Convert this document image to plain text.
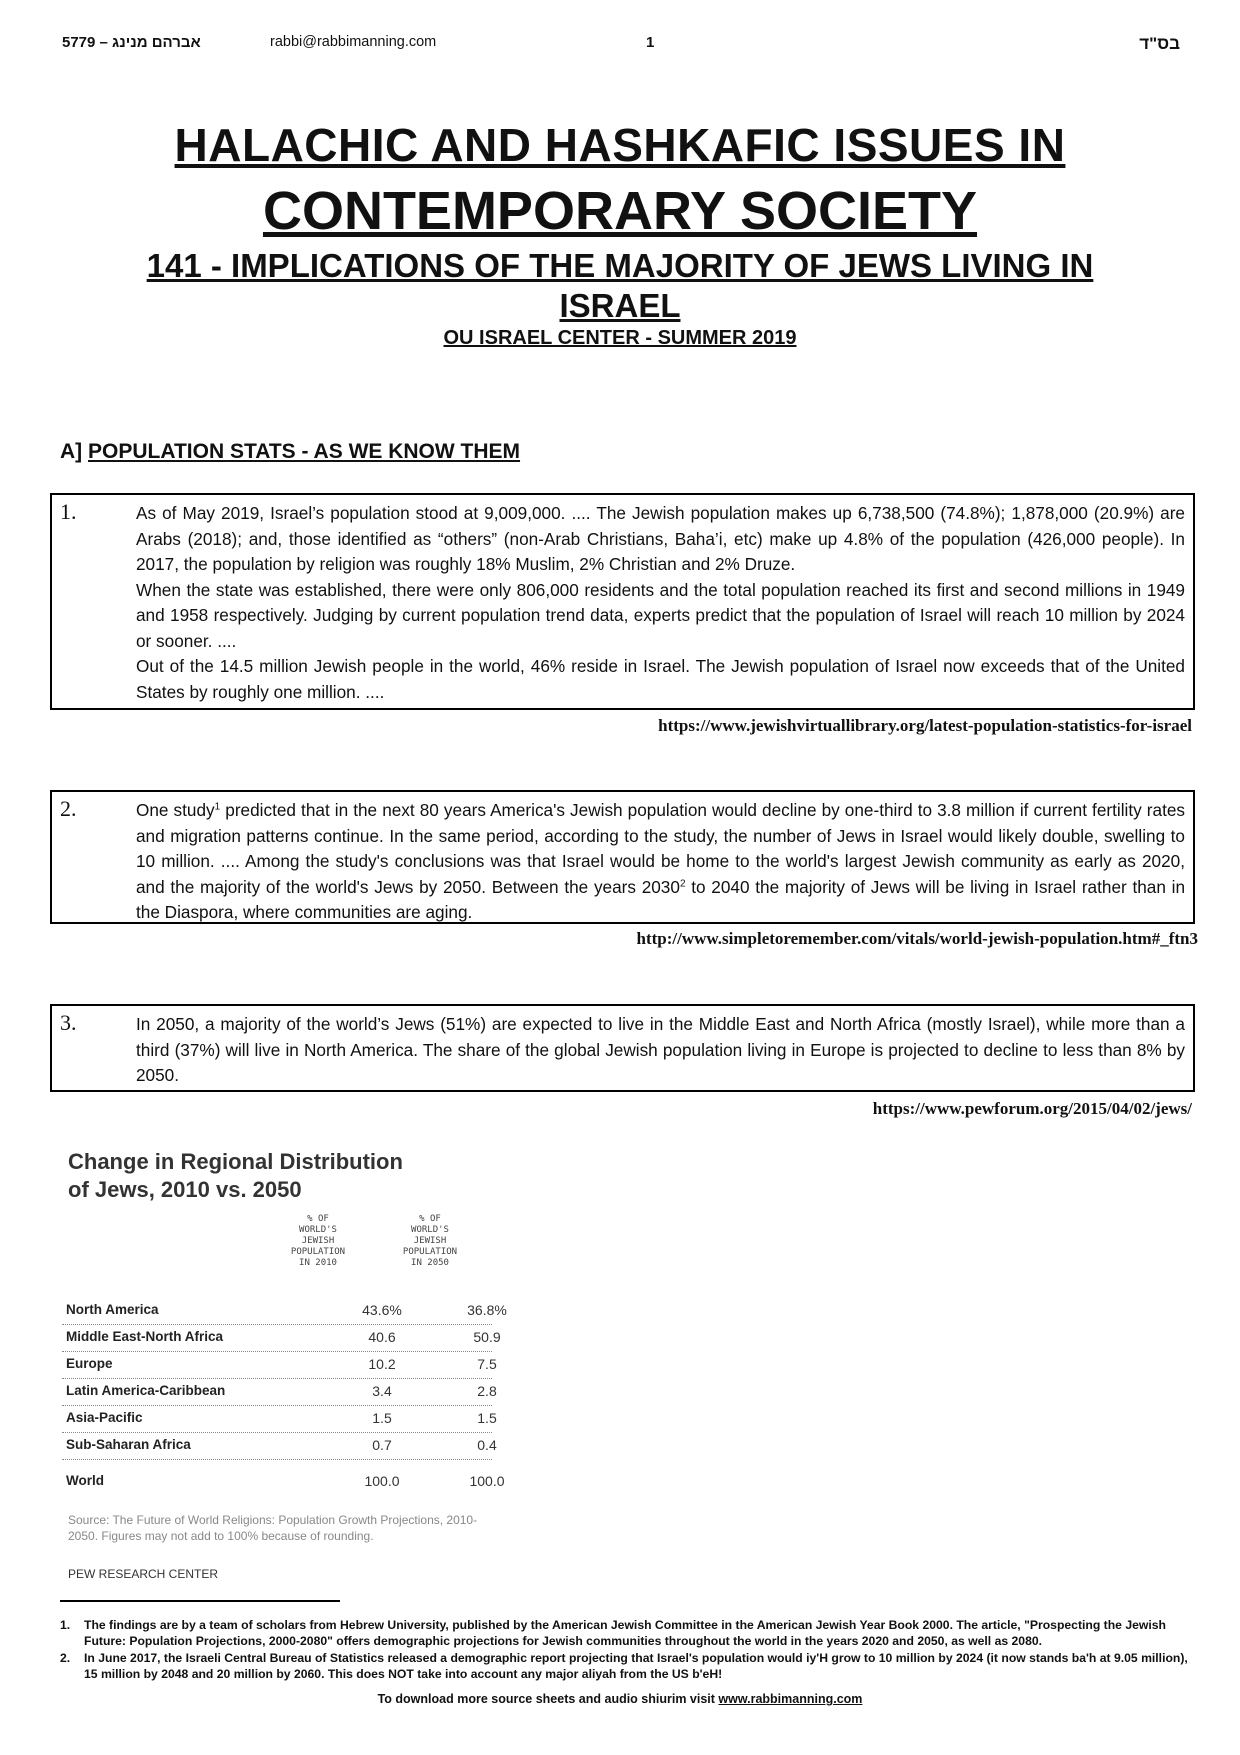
5779 – אברהם מנינג	rabbi@rabbimanning.com	1	בס"ד
HALACHIC AND HASHKAFIC ISSUES IN
CONTEMPORARY SOCIETY
141 - IMPLICATIONS OF THE MAJORITY OF JEWS LIVING IN ISRAEL
OU ISRAEL CENTER - SUMMER 2019
A] POPULATION STATS - AS WE KNOW THEM
1.	As of May 2019, Israel’s population stood at 9,009,000. .... The Jewish population makes up 6,738,500 (74.8%); 1,878,000 (20.9%) are Arabs (2018); and, those identified as “others” (non-Arab Christians, Baha’i, etc) make up 4.8% of the population (426,000 people). In 2017, the population by religion was roughly 18% Muslim, 2% Christian and 2% Druze.

When the state was established, there were only 806,000 residents and the total population reached its first and second millions in 1949 and 1958 respectively. Judging by current population trend data, experts predict that the population of Israel will reach 10 million by 2024 or sooner. ....

Out of the 14.5 million Jewish people in the world, 46% reside in Israel. The Jewish population of Israel now exceeds that of the United States by roughly one million. ....

https://www.jewishvirtuallibrary.org/latest-population-statistics-for-israel
2.	One study$^1$ predicted that in the next 80 years America's Jewish population would decline by one-third to 3.8 million if current fertility rates and migration patterns continue. In the same period, according to the study, the number of Jews in Israel would likely double, swelling to 10 million. .... Among the study's conclusions was that Israel would be home to the world's largest Jewish community as early as 2020, and the majority of the world's Jews by 2050. Between the years 2030$^2$ to 2040 the majority of Jews will be living in Israel rather than in the Diaspora, where communities are aging.

http://www.simpletoremember.com/vitals/world-jewish-population.htm#_ftn3
3.	In 2050, a majority of the world’s Jews (51%) are expected to live in the Middle East and North Africa (mostly Israel), while more than a third (37%) will live in North America. The share of the global Jewish population living in Europe is projected to decline to less than 8% by 2050.

https://www.pewforum.org/2015/04/02/jews/
Change in Regional Distribution
of Jews, 2010 vs. 2050
% OF
WORLD'S
JEWISH
POPULATION
IN 2010
% OF
WORLD'S
JEWISH
POPULATION
IN 2050
North America	43.6%	36.8%
Middle East-North Africa	40.6	50.9
Europe	10.2	7.5
Latin America-Caribbean	3.4	2.8
Asia-Pacific	1.5	1.5
Sub-Saharan Africa	0.7	0.4
World	100.0	100.0
Source: The Future of World Religions: Population Growth Projections, 2010-2050. Figures may not add to 100% because of rounding.
PEW RESEARCH CENTER
1. The findings are by a team of scholars from Hebrew University, published by the American Jewish Committee in the American Jewish Year Book 2000. The article, "Prospecting the Jewish Future: Population Projections, 2000-2080" offers demographic projections for Jewish communities throughout the world in the years 2020 and 2050, as well as 2080.
2. In June 2017, the Israeli Central Bureau of Statistics released a demographic report projecting that Israel's population would iy'H grow to 10 million by 2024 (it now stands ba'h at 9.05 million), 15 million by 2048 and 20 million by 2060. This does NOT take into account any major aliyah from the US b'eH!
To download more source sheets and audio shiurim visit www.rabbimanning.com
